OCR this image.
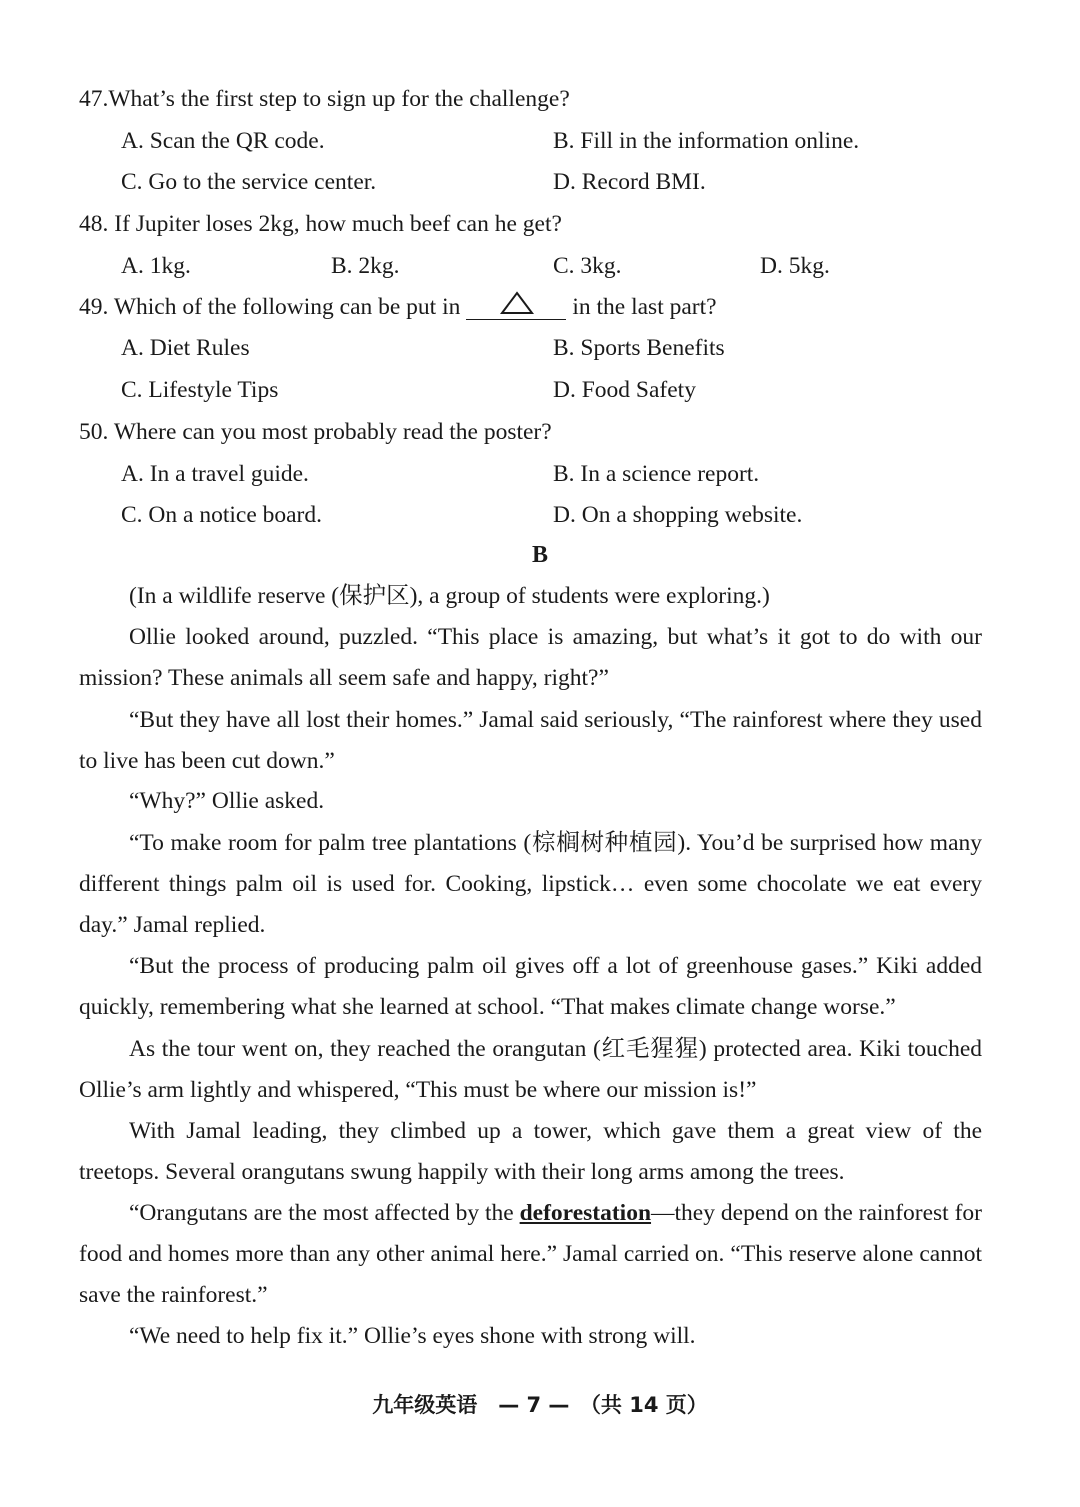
47.What’s the first step to sign up for the challenge?
A. Scan the QR code.	B. Fill in the information online.
C. Go to the service center.	D. Record BMI.
48. If Jupiter loses 2kg, how much beef can he get?
A. 1kg.	B. 2kg.	C. 3kg.	D. 5kg.
49. Which of the following can be put in	in the last part?
A. Diet Rules	B. Sports Benefits
C. Lifestyle Tips	D. Food Safety
50. Where can you most probably read the poster?
A. In a travel guide.	B. In a science report.
C. On a notice board.	D. On a shopping website.
B
(In a wildlife reserve (保护区), a group of students were exploring.)
Ollie looked around, puzzled. “This place is amazing, but what’s it got to do with our mission? These animals all seem safe and happy, right?”
“But they have all lost their homes.” Jamal said seriously, “The rainforest where they used to live has been cut down.”
“Why?” Ollie asked.
“To make room for palm tree plantations (棕榈树种植园). You’d be surprised how many different things palm oil is used for. Cooking, lipstick… even some chocolate we eat every day.” Jamal replied.
“But the process of producing palm oil gives off a lot of greenhouse gases.” Kiki added quickly, remembering what she learned at school. “That makes climate change worse.”
As the tour went on, they reached the orangutan (红毛猩猩) protected area. Kiki touched Ollie’s arm lightly and whispered, “This must be where our mission is!”
With Jamal leading, they climbed up a tower, which gave them a great view of the treetops. Several orangutans swung happily with their long arms among the trees.
“Orangutans are the most affected by the deforestation—they depend on the rainforest for food and homes more than any other animal here.” Jamal carried on. “This reserve alone cannot save the rainforest.”
“We need to help fix it.” Ollie’s eyes shone with strong will.
九年级英语　— 7 —　（共 14 页）
